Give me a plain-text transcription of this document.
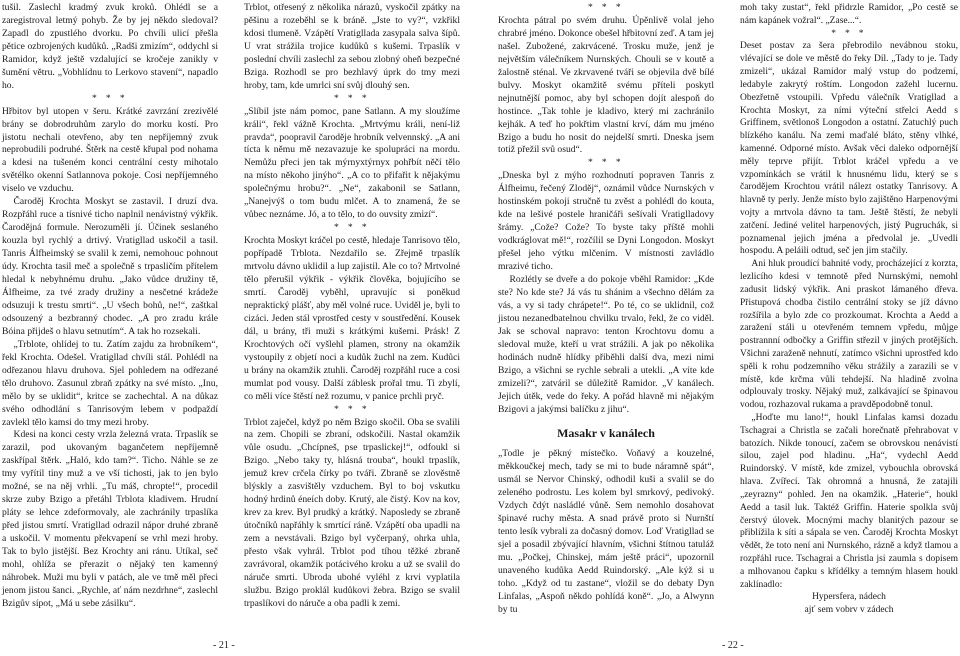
tušil. Zaslechl kradmý zvuk kroků. Ohlédl se a zaregistroval letmý pohyb. Že by jej někdo sledoval? Zapadl do zpustlého dvorku. Po chvíli ulicí přešla pětice ozbrojených kudůků. „Radši zmizím“, oddychl si Ramidor, když ještě vzdalující se kročeje zanikly v šumění větru. „Vobhlídnu to Lerkovo stavení“, napadlo ho.

* * *

Hřbitov byl utopen v šeru. Krátké zavrzání zrezivělé brány se dobrodruhům zarylo do morku kostí. Pro jistotu nechali otevřeno, aby ten nepříjemný zvuk neprobudili podruhé. Štěrk na cestě křupal pod nohama a kdesi na tušeném konci centrální cesty mihotalo světélko okenní Satlannova pokoje. Cosi nepříjemného viselo ve vzduchu.

Čaroděj Krochta Moskyt se zastavil. I druzí dva. Rozpřáhl ruce a tísnivé ticho naplnil nenávistný výkřik. Čarodějná formule. Nerozuměli jí. Účinek seslaného kouzla byl rychlý a drtivý. Vratigllad uskočil a tasil. Tanris Álfheimský se svalil k zemi, nemohouc pohnout údy. Krochta tasil meč a společně s trpasličím přítelem hledal k nebyhnému druhu. „Jako vůdce družiny tě, Álfheime, za tvé zrady družiny a nesčetné krádeže odsuzuji k trestu smrti“. „U všech bohů, ne!“, zaštkal odsouzený a bezbranný chodec. „A pro zradu krále Bóina přijdeš o hlavu setnutím“. A tak ho rozsekali.

„Trblote, ohlídej to tu. Zatím zajdu za hrobníkem“, řekl Krochta. Odešel. Vratigllad chvíli stál. Pohlédl na odřezanou hlavu druhova. Sjel pohledem na odřezané tělo druhovo. Zasunul zbraň zpátky na své místo. „Inu, mělo by se uklidit“, kritce se zachechtal. A na důkaz svého odhodlání s Tanrisovým lebem v podpaždí zavlekl tělo kamsi do tmy mezi hroby.

Kdesi na konci cesty vrzla železná vrata. Trpaslík se zarazil, pod ukovaným bagančetem nepříjemně zaskřípal štěrk. „Haló, kdo tam?“. Ticho. Náhle se ze tmy vyřítil tiny muž a ve vší tichosti, jak to jen bylo možné, se na něj vrhli. „Tu máš, chropte!“, procedil skrze zuby Bzigo a přetáhl Trblota kladivem. Hrudní pláty se lehce zdeformovaly, ale zachránily trpaslíka před jistou smrtí. Vratigllad odrazil nápor druhé zbraně a uskočil. V momentu překvapení se vrhl mezi hroby. Tak to bylo jistější. Bez Krochty ani ránu. Utíkal, seč mohl, ohlíža se přerazit o nějaký ten kamenný náhrobek. Muži mu byli v patách, ale ve tmě měl přeci jenom jistou šanci. „Rychle, ať nám nezdrhne“, zaslechl Bzigův sípot, „Má u sebe zásilku“.

Trblot, otřesený z několika nárazů, vyskočil zpátky na pěšinu a rozeběhl se k bráně. „Jste to vy?“, vzkřikl kdosi tlumeně. Vzápětí Vratigllada zasypala salva šípů. U vrat strážila trojice kudůků s kušemi. Trpaslík v poslední chvíli zaslechl za sebou zlobný oheň bezpečné Bziga. Rozhodl se pro bezhlavý úprk do tmy mezi hroby, tam, kde umrlci sní svůj dlouhý sen.

* * *

„Slíbil jste nám pomoc, pane Satlann. A my sloužíme králi“, řekl vážně Krochta. „Mrtvýmu králi, není-liž pravda“, poopravil čaroděje hrobník velvennský. „A ani tícta k němu mě nezavazuje ke spolupráci na mordu. Nemůžu přeci jen tak mýrnyxtýrnyx pohřbít něčí tělo na místo někoho jinýho“. „A co to přifařit k nějakýmu společnýmu hrobu?“. „Ne“, zakabonil se Satlann, „Nanejvýš o tom budu mlčet. A to znamená, že se vůbec neznáme. Jó, a to tělo, to do ouvsity zmizí“.

* * *

Krochta Moskyt kráčel po cestě, hledaje Tanrisovo tělo, popřípadě Trblota. Nezdařilo se. Zřejmě trpaslík mrtvolu dávno uklidil a lup zajistil. Ale co to? Mrtvolné tělo přerušil výkřik - výkřik člověka, bojujícího se smrtí. Čaroděj vyběhl, upravujíc si poněkud nepraktický plášť, aby měl volné ruce. Uviděl je, byli to cizáci. Jeden stál vprostřed cesty v soustředění. Kousek dál, u brány, tři muži s krátkými kušemi. Prásk! Z Krochtových očí vyšlehl plamen, strony na okamžik vystoupily z objetí noci a kudůk žuchl na zem. Kudůci u brány na okamžik ztuhli. Čaroděj rozpřáhl ruce a cosi mumlat pod vousy. Další záblesk prořal tmu. Ti zbylí, co měli více štěstí než rozumu, v panice prchli pryč.

* * *

Trblot zaječel, když po něm Bzigo skočil. Oba se svalili na zem. Chopili se zbraní, odskočili. Nastal okamžik vůle osudu. „Chcípneš, pse trpaslickej!“, odfoukl si Bzigo. „Nebo taky ty, hlásná trouba“, houkl trpaslík, jemuž krev crčela čírky po tváři. Zbraně se zlověstně blýskly a zasvištěly vzduchem. Byl to boj vskutku hodný hrdinů éneích doby. Krutý, ale čistý. Kov na kov, krev za krev. Byl prudký a krátký. Naposledy se zbraně útočníků napřáhly k smrtící ráně. Vzápětí oba upadli na zem a nevstávali. Bzigo byl vyčerpaný, ohrka uhla, přesto však vyhrál. Trblot pod tíhou těžké zbraně zavrávoral, okamžik potácivého kroku a už se svalil do náruče smrti. Ubroda ubohé vyléhl z krvi vyplatila službu. Bzigo proklál kudůkovi žebra. Bzigo se svalil trpaslíkovi do náruče a oba padli k zemi.

* * *

Krochta pátral po svém druhu. Úpěnlivě volal jeho chrabré jméno. Dokonce obešel hřbitovní zeď. A tam jej našel. Zubožené, zakrvácené. Trosku muže, jenž je největším válečníkem Nurnských. Chouli se v koutě a žalostně sténal. Ve zkrvavené tváři se objevila dvě bílé bulvy. Moskyt okamžitě svému příteli poskytl nejnutnější pomoc, aby byl schopen dojít alespoň do hostince. „Tak tohle je kladivo, který mi zachránilo kejhák. A teď ho pokřtim vlastní krví, dám mu jméno Bzigo a budu ho nosit do nejdelší smrti. Dneska jsem totiž přežil svů osud“.

* * *

„Dneska byl z mýho rozhodnutí popraven Tanris z Álfheimu, řečený Zloděj“, oznámil vůdce Nurnských v hostinském pokoji stručně tu zvěst a pohlédl do kouta, kde na lešivé postele hraničáři sešívali Vratiglladovy šrámy. „Cože? Cože? To byste taky příště mohli vodkráglovat mě!“, rozčílil se Dyni Longodon. Moskyt přešel jeho výtku mlčením. V místnosti zavládlo mrazivé ticho.

Rozlétly se dveře a do pokoje vběhl Ramidor: „Kde ste? No kde ste? Já vás tu shánim a všechno dělám za vás, a vy si tady chrápete!“. Po té, co se uklidnil, což jistou nezanedbatelnou chvilku trvalo, řekl, že co viděl. Jak se schoval napravo: tenton Krochtovu domu a sledoval muže, kteří u vrat strážili. A jak po několika hodinách nudně hlídky přiběhli další dva, mezi nimi Bzigo, a všichni se rychle sebrali a utekli. „A víte kde zmizeli?“, zatváril se důležitě Ramidor. „V kanálech. Jejich útěk, vede do řeky. A pořád hlavně mi nějakým Bzigovi a jakýmsi balíčku z jihu“.

Masakr v kanálech

„Todle je pěkný místečko. Voňavý a kouzelné, měkkoučkej mech, tady se mi to bude náramně spát“, usmál se Nervor Chinský, odhodil kuši a svalil se do zeleného podrostu. Les kolem byl smrkový, pedivoký. Vzdych čdýt nasládlé vůně. Sem nemohlo dosahovat špinavé ruchy města. A snad právě proto si Nurnští tento lesík vybrali za dočasný domov. Loď Vratigllad se sjel a posadil zbývající hlavním, všichni štítnou tatuláž mu. „Počkej, Chinskej, mám ještě práci“, upozornil unaveného kudůka Aedd Ruindorský. „Ale kýž si u toho. „Když od tu zastane“, vložil se do debaty Dyn Linfalas, „Aspoň někdo pohlídá koně“. „Jo, a Alwynn by tu

moh taky zustat“, řekl přidrzle Ramidor, „Po cestě se nám kapánek vožral“. „Zase...“.

* * *

Deset postav za šera přebrodilo nevábnou stoku, vlévající se dole ve městě do řeky Díl. „Tady to je. Tady zmizeli“, ukázal Ramidor malý vstup do podzemí, ledabyle zakrytý roštím. Longodon zažehl lucernu. Obezřetně vstoupili. Vpředu válečník Vratigllad a Krochta Moskyt, za ními výteční střelci Aedd s Griffinem, světlonoš Longodon a ostatní. Zatuchlý puch blízkého kanálu. Na zemi maďalé bláto, stěny vlhké, kamenné. Odporné místo. Avšak věci daleko odpornější měly teprve přijít. Trblot kráčel vpředu a ve vzpomínkách se vrátil k hnusnému lidu, který se s čarodějem Krochtou vrátil nálezt ostatky Tanrisovy. A hlavně ty perly. Jenže místo bylo zajištěno Harpenovými vojty a mrtvola dávno ta tam. Ještě štěstí, že nebyli zatčení. Jediné velitel harpenových, jistý Pugruchák, si poznamenal jejich jména a předvolal je. „Uvedli hospodu. A peláili odtud, seč jen jim stačily.

Ani hluk proudící bahnité vody, procházející z korzta, lezlicího kdesi v temnotě před Nurnskými, nemohl zadusit lidský výkřik. Ani praskot lámaného dřeva. Přistupová chodba čistilo centrální stoky se jíž dávno rozšířila a bylo zde co prozkoumat. Krochta a Aedd a zaražení stáli u otevřeném temnem vpředu, můjge postrannní odbočky a Griffin střezil v jiných protějších. Všichni zaraženě nehnutí, zatímco všichni uprostřed kdo spěli k rohu podzemního věku strážily a zarazili se v místě, kde krčma vůli tehdejší. Na hladině zvolna odplouvaly trosky. Nějaký muž, zalkávající se špinavou vodou, rozhazoval rukama a pravděpodobně tonul.

„Hoďte mu lano!“, houkl Linfalas kamsi dozadu Tschagrai a Christla se začali horečnatě přehrabovat v batozích. Nikde tonoucí, začem se obrovskou nenávistí silou, zajel pod hladinu. „Ha“, vydechl Aedd Ruindorský. V místě, kde zmizel, vybouchla obrovská hlava. Zvířecí. Tak ohromná a hnusná, že zatajili „zeyrazny“ pohled. Jen na okamžik. „Haterie“, houkl Aedd a tasil luk. Taktéž Griffin. Haterie spolkla svůj čerstvý úlovek. Mocnými machy blanitých pazour se přiblížila k síti a sápala se ven. Čaroděj Krochta Moskyt vědět, že toto není ani Nurnského, rázně a když tlamou a rozpřáhl ruce. Tschagrai a Christla jsi zaumla s dopisem a mlhovanou čapku s křídélky a temným hlasem houkl zaklínadlo:

Hypersfera, nádech

ajť sem vobrv v zádech

- 21 -	- 22 -
